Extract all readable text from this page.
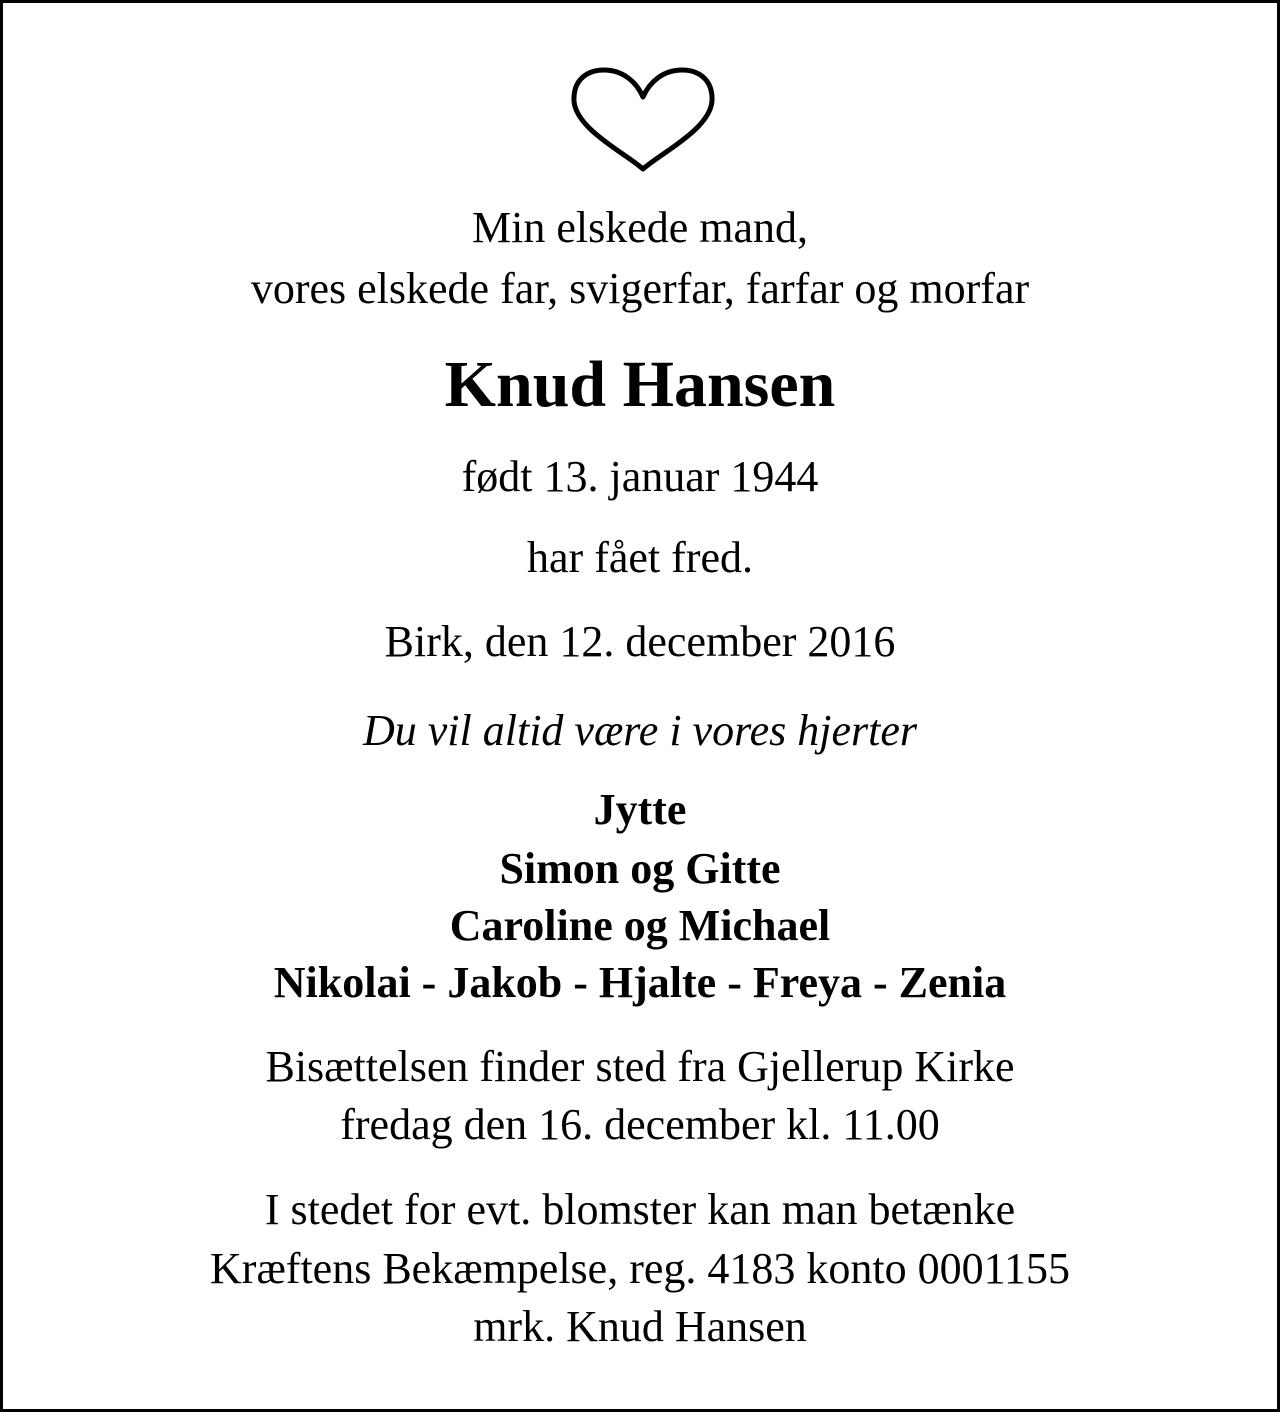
Min elskede mand,
vores elskede far, svigerfar, farfar og morfar
Knud Hansen
født 13. januar 1944
har fået fred.
Birk, den 12. december 2016
Du vil altid være i vores hjerter
Jytte
Simon og Gitte
Caroline og Michael
Nikolai - Jakob - Hjalte - Freya - Zenia
Bisættelsen finder sted fra Gjellerup Kirke
fredag den 16. december kl. 11.00
I stedet for evt. blomster kan man betænke
Kræftens Bekæmpelse, reg. 4183 konto 0001155
mrk. Knud Hansen
